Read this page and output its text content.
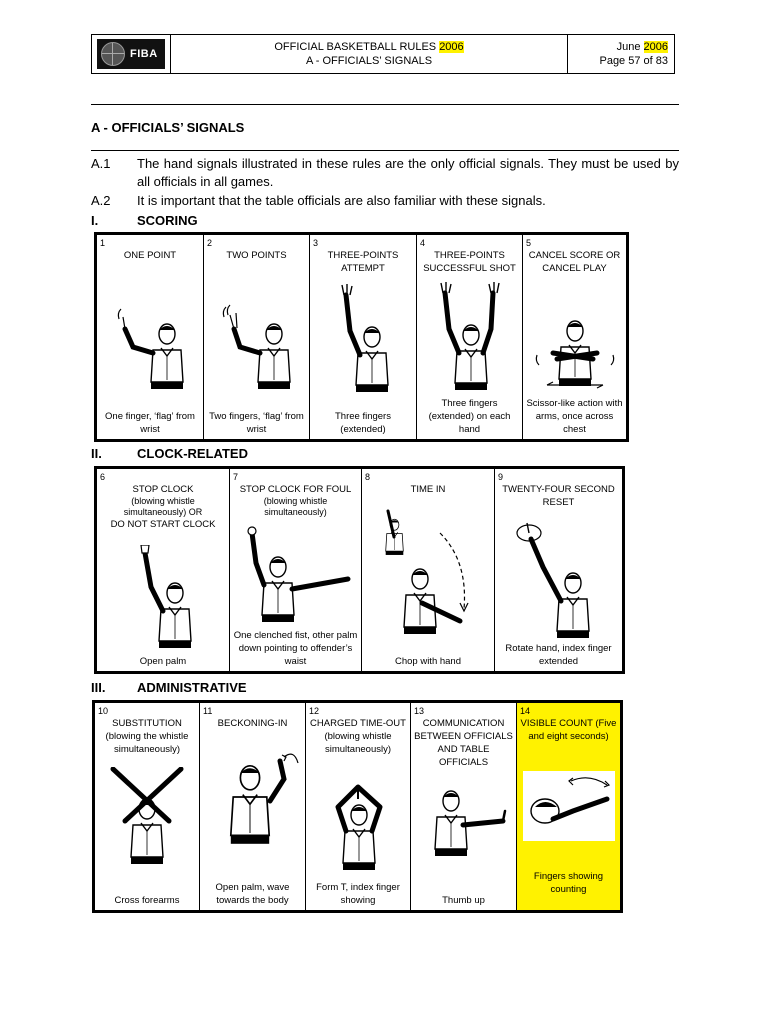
FIBA
OFFICIAL BASKETBALL RULES 2006
A - OFFICIALS’ SIGNALS
June 2006
Page 57 of 83
A - OFFICIALS’ SIGNALS
A.1 The hand signals illustrated in these rules are the only official signals. They must be used by all officials in all games.
A.2 It is important that the table officials are also familiar with these signals.
I.	SCORING
1
ONE POINT
One finger, ‘flag’ from wrist
2
TWO POINTS
Two fingers, ‘flag’ from wrist
3
THREE-POINTS ATTEMPT
Three fingers (extended)
4
THREE-POINTS SUCCESSFUL SHOT
Three fingers (extended) on each hand
5
CANCEL SCORE OR CANCEL PLAY
Scissor-like action with arms, once across chest
II.	CLOCK-RELATED
6
STOP CLOCK
(blowing whistle simultaneously) OR
DO NOT START CLOCK
Open palm
7
STOP CLOCK FOR FOUL
(blowing whistle simultaneously)
One clenched fist, other palm down pointing to offender’s waist
8
TIME IN
Chop with hand
9
TWENTY-FOUR SECOND RESET
Rotate hand, index finger extended
III. ADMINISTRATIVE
10
SUBSTITUTION (blowing the whistle simultaneously)
Cross forearms
11
BECKONING-IN
Open palm, wave towards the body
12
CHARGED TIME-OUT (blowing whistle simultaneously)
Form T, index finger showing
13
COMMUNICATION BETWEEN OFFICIALS AND TABLE OFFICIALS
Thumb up
14
VISIBLE COUNT (Five and eight seconds)
Fingers showing counting
